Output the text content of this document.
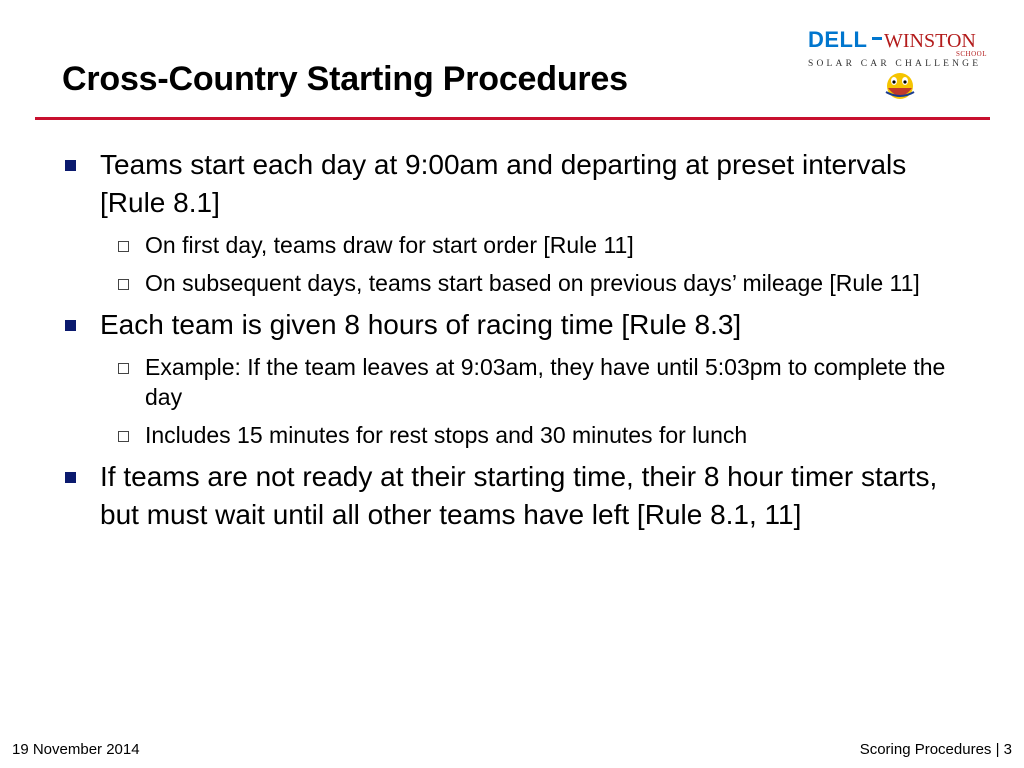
Cross-Country Starting Procedures
DELL WINSTON
SCHOOL
SOLAR CAR CHALLENGE
Teams start each day at 9:00am and departing at preset intervals [Rule 8.1]
On first day, teams draw for start order [Rule 11]
On subsequent days, teams start based on previous days’ mileage [Rule 11]
Each team is given 8 hours of racing time [Rule 8.3]
Example: If the team leaves at 9:03am, they have until 5:03pm to complete the day
Includes 15 minutes for rest stops and 30 minutes for lunch
If teams are not ready at their starting time, their 8 hour timer starts, but must wait until all other teams have left [Rule 8.1, 11]
19 November 2014	Scoring Procedures | 3
